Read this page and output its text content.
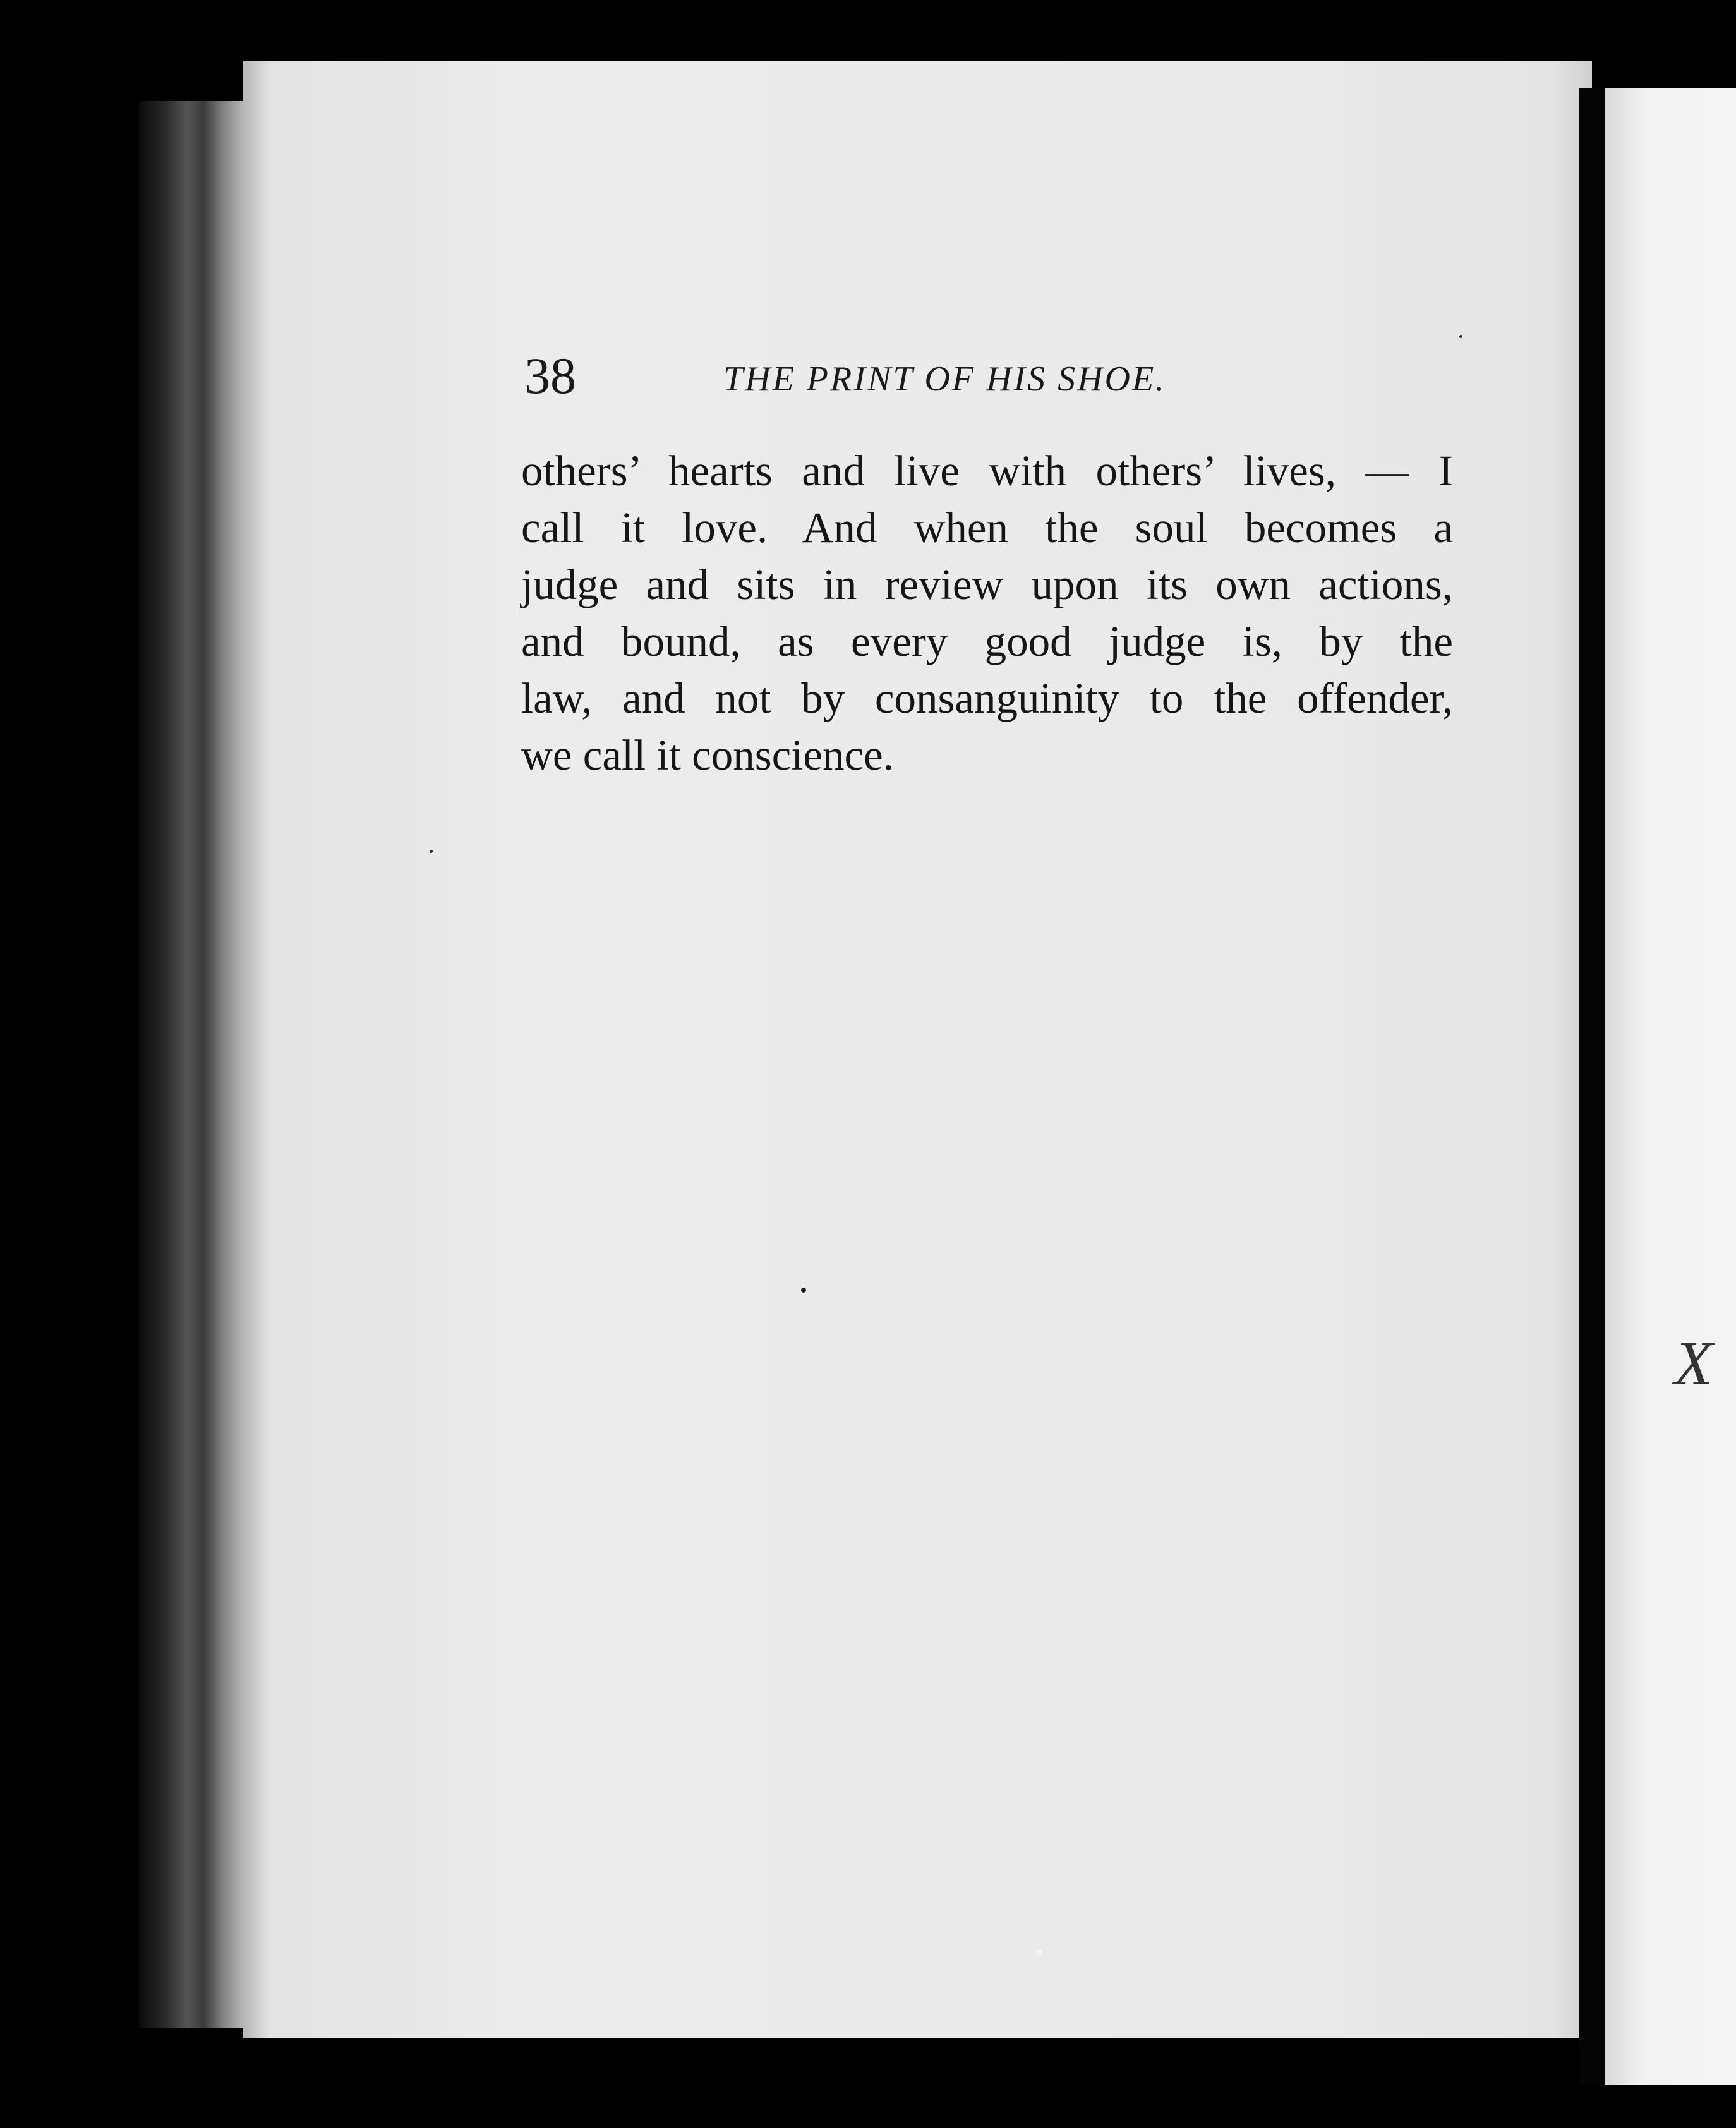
38	THE PRINT OF HIS SHOE.
others’ hearts and live with others’ lives, — I
call it love. And when the soul becomes a
judge and sits in review upon its own actions,
and bound, as every good judge is, by the
law, and not by consanguinity to the offender,
we call it conscience.
X
